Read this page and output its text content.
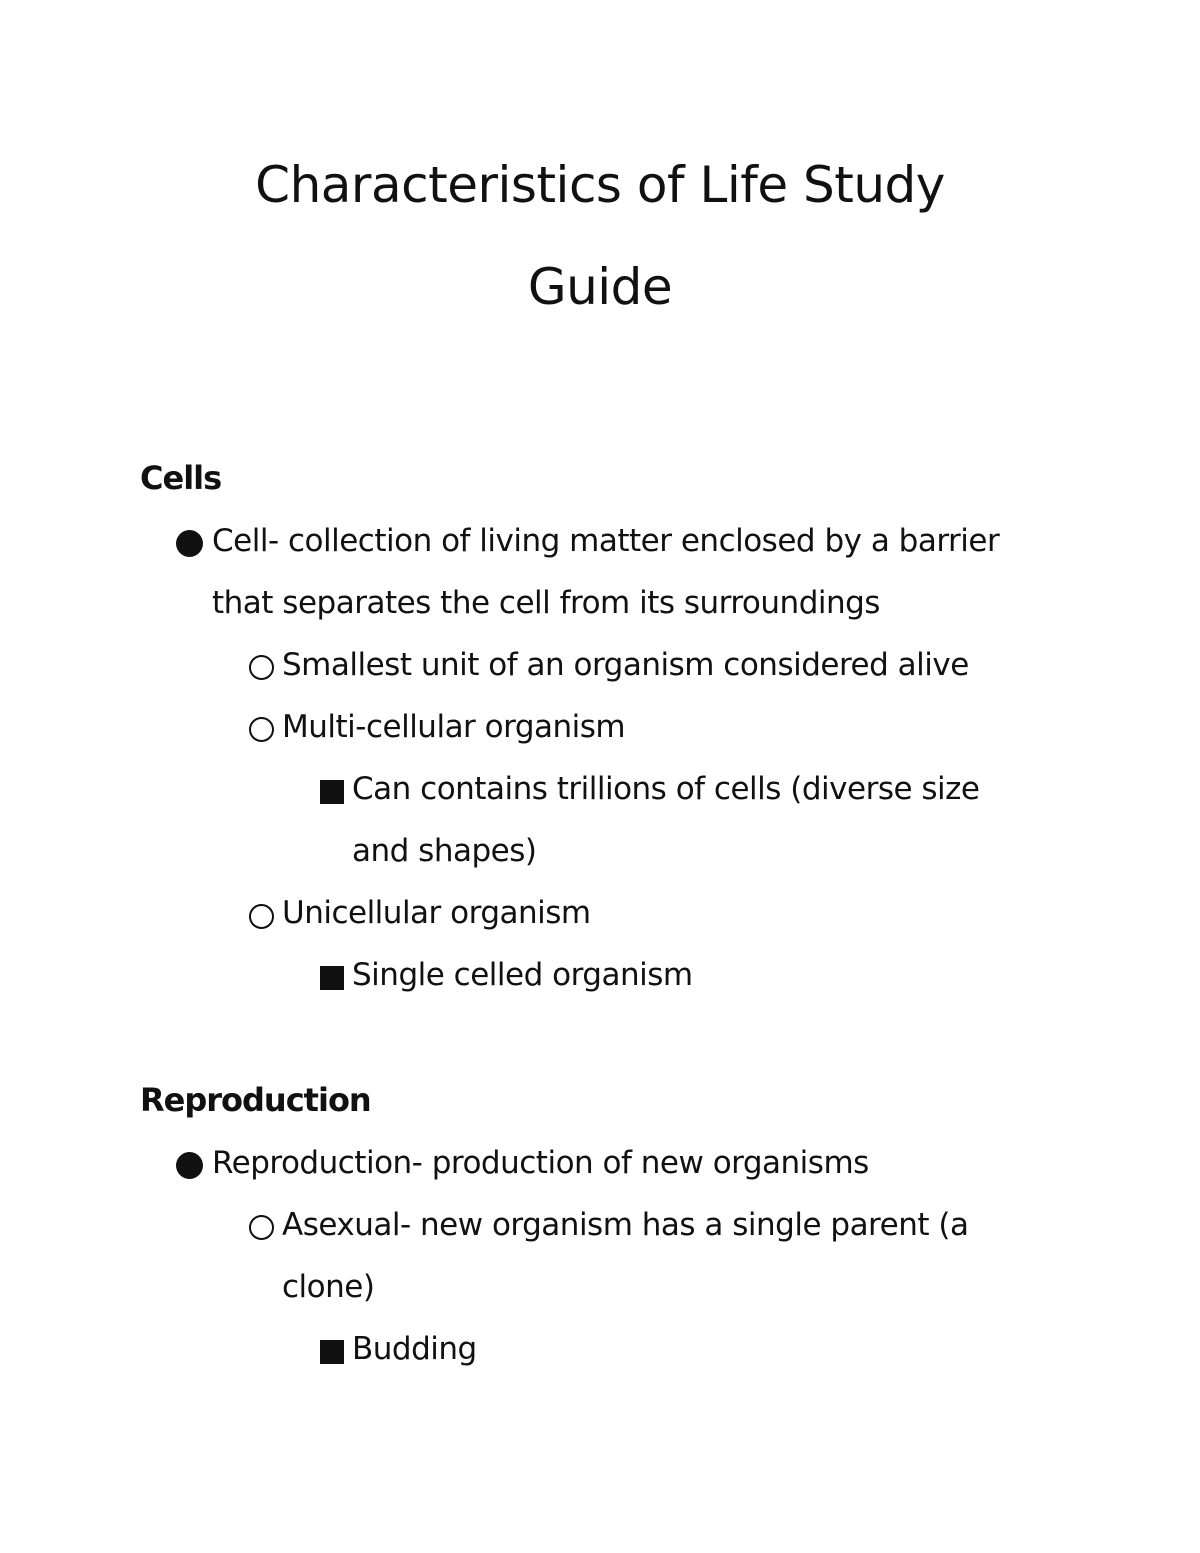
Characteristics of Life Study
Guide
Cells

Cell- collection of living matter enclosed by a barrier

that separates the cell from its surroundings

Smallest unit of an organism considered alive

Multi-cellular organism

Can contains trillions of cells (diverse size

and shapes)

Unicellular organism

Single celled organism

Reproduction

Reproduction- production of new organisms

Asexual- new organism has a single parent (a

clone)

Budding
